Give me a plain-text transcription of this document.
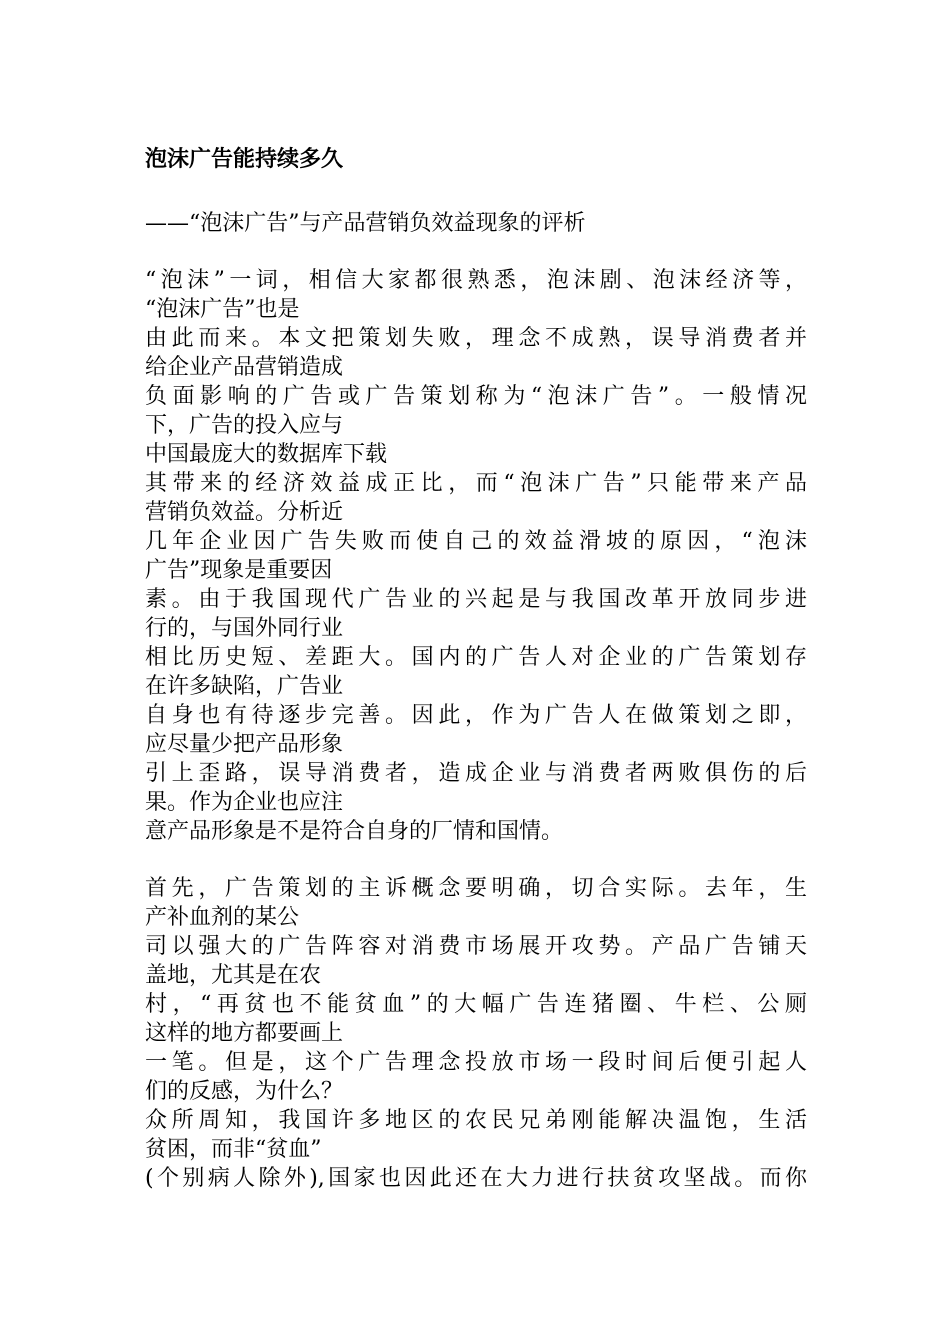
泡沫广告能持续多久
——“泡沫广告”与产品营销负效益现象的评析
“泡沫”一词，相信大家都很熟悉，泡沫剧、泡沫经济等，
“泡沫广告”也是
由此而来。本文把策划失败，理念不成熟，误导消费者并
给企业产品营销造成
负面影响的广告或广告策划称为“泡沫广告”。一般情况
下，广告的投入应与
中国最庞大的数据库下载
其带来的经济效益成正比，而“泡沫广告”只能带来产品
营销负效益。分析近
几年企业因广告失败而使自己的效益滑坡的原因，“泡沫
广告”现象是重要因
素。由于我国现代广告业的兴起是与我国改革开放同步进
行的，与国外同行业
相比历史短、差距大。国内的广告人对企业的广告策划存
在许多缺陷，广告业
自身也有待逐步完善。因此，作为广告人在做策划之即，
应尽量少把产品形象
引上歪路，误导消费者，造成企业与消费者两败俱伤的后
果。作为企业也应注
意产品形象是不是符合自身的厂情和国情。
首先，广告策划的主诉概念要明确，切合实际。去年，生
产补血剂的某公
司以强大的广告阵容对消费市场展开攻势。产品广告铺天
盖地，尤其是在农
村，“再贫也不能贫血”的大幅广告连猪圈、牛栏、公厕
这样的地方都要画上
一笔。但是，这个广告理念投放市场一段时间后便引起人
们的反感，为什么？
众所周知，我国许多地区的农民兄弟刚能解决温饱，生活
贫困，而非“贫血”
(个别病人除外),国家也因此还在大力进行扶贫攻坚战。而你
